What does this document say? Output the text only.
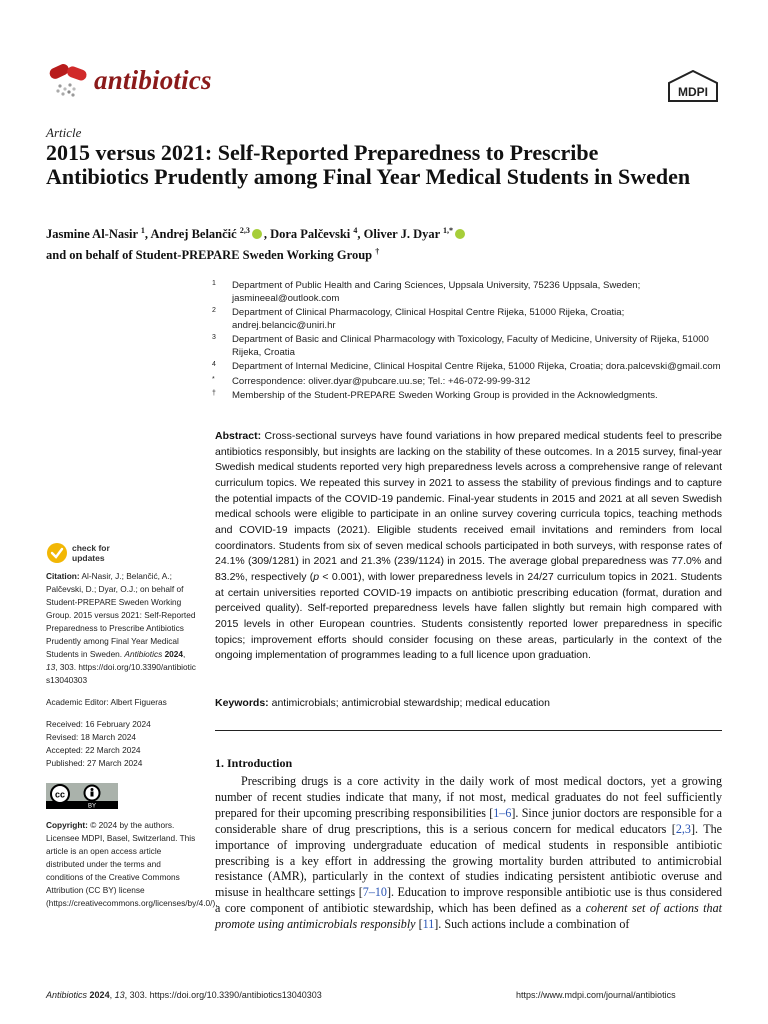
antibiotics	MDPI
Article
2015 versus 2021: Self-Reported Preparedness to Prescribe Antibiotics Prudently among Final Year Medical Students in Sweden
Jasmine Al-Nasir $^1$, Andrej Belančić $^{2,3}$ , Dora Palčevski $^4$, Oliver J. Dyar $^{1,*}$
and on behalf of Student-PREPARE Sweden Working Group †
1 Department of Public Health and Caring Sciences, Uppsala University, 75236 Uppsala, Sweden; jasmineeal@outlook.com
2 Department of Clinical Pharmacology, Clinical Hospital Centre Rijeka, 51000 Rijeka, Croatia; andrej.belancic@uniri.hr
3 Department of Basic and Clinical Pharmacology with Toxicology, Faculty of Medicine, University of Rijeka, 51000 Rijeka, Croatia
4 Department of Internal Medicine, Clinical Hospital Centre Rijeka, 51000 Rijeka, Croatia; dora.palcevski@gmail.com
* Correspondence: oliver.dyar@pubcare.uu.se; Tel.: +46-072-99-99-312
† Membership of the Student-PREPARE Sweden Working Group is provided in the Acknowledgments.
check for
updates
Citation: Al-Nasir, J.; Belančić, A.; Palčevski, D.; Dyar, O.J.; on behalf of Student-PREPARE Sweden Working Group. 2015 versus 2021: Self-Reported Preparedness to Prescribe Antibiotics Prudently among Final Year Medical Students in Sweden. Antibiotics 2024, 13, 303. https://doi.org/10.3390/antibiotics13040303
Academic Editor: Albert Figueras
Received: 16 February 2024
Revised: 18 March 2024
Accepted: 22 March 2024
Published: 27 March 2024
cc
BY
Copyright: © 2024 by the authors. Licensee MDPI, Basel, Switzerland. This article is an open access article distributed under the terms and conditions of the Creative Commons Attribution (CC BY) license (https://creativecommons.org/licenses/by/4.0/).
Abstract: Cross-sectional surveys have found variations in how prepared medical students feel to prescribe antibiotics responsibly, but insights are lacking on the stability of these outcomes. In a 2015 survey, final-year Swedish medical students reported very high preparedness levels across a comprehensive range of relevant curriculum topics. We repeated this survey in 2021 to assess the stability of previous findings and to capture the potential impacts of the COVID-19 pandemic. Final-year students in 2015 and 2021 at all seven Swedish medical schools were eligible to participate in an online survey covering curricula topics, teaching methods and COVID-19 impacts (2021). Eligible students received email invitations and reminders from local coordinators. Students from six of seven medical schools participated in both surveys, with response rates of 24.1% (309/1281) in 2021 and 21.3% (239/1124) in 2015. The average global preparedness was 77.0% and 83.2%, respectively (p < 0.001), with lower preparedness levels in 24/27 curriculum topics in 2021. Students at certain universities reported COVID-19 impacts on antibiotic prescribing education (format, duration and perceived quality). Self-reported preparedness levels have fallen slightly but remain high compared with 2015 levels in other European countries. Students consistently reported lower preparedness in specific topics; improvement efforts should consider focusing on these areas, particularly in the context of the ongoing implementation of programmes leading to a full licence upon graduation.
Keywords: antimicrobials; antimicrobial stewardship; medical education
1. Introduction

Prescribing drugs is a core activity in the daily work of most medical doctors, yet a growing number of recent studies indicate that many, if not most, medical graduates do not feel sufficiently prepared for their upcoming prescribing responsibilities [1–6]. Since junior doctors are responsible for a considerable share of drug prescriptions, this is a serious concern for medical educators [2,3]. The importance of improving undergraduate education of medical students in responsible antibiotic prescribing is a key effort in addressing the growing mortality burden attributed to antimicrobial resistance (AMR), particularly in the context of studies indicating persistent antibiotic overuse and misuse in healthcare settings [7–10]. Education to improve responsible antibiotic use is thus considered a core component of antibiotic stewardship, which has been defined as a coherent set of actions that promote using antimicrobials responsibly [11]. Such actions include a combination of

Antibiotics 2024, 13, 303. https://doi.org/10.3390/antibiotics13040303	https://www.mdpi.com/journal/antibiotics
